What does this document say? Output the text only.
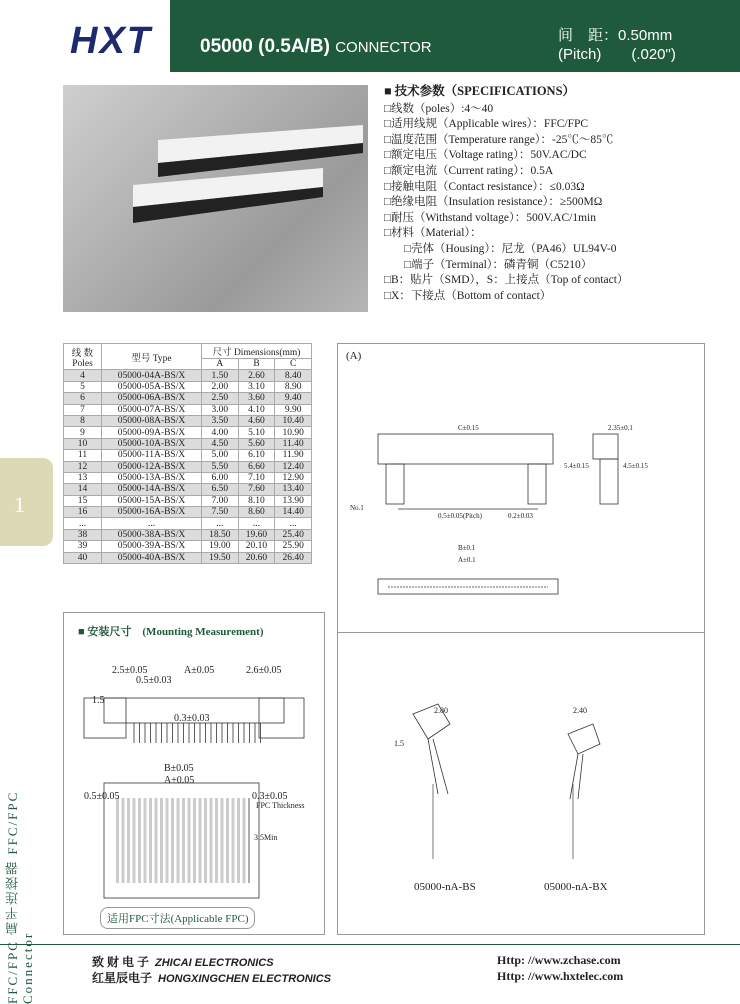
HXT	05000 (0.5A/B) CONNECTOR
间　距：0.50mm
(Pitch)　　(.020")
■ 技术参数（SPECIFICATIONS）
□线数（poles）:4～40
□适用线规（Applicable wires）：FFC/FPC
□温度范围（Temperature range）：-25℃～85℃
□额定电压（Voltage rating）：50V.AC/DC
□额定电流（Current rating）：0.5A
□接触电阻（Contact resistance）：≤0.03Ω
□绝缘电阻（Insulation resistance）：≥500MΩ
□耐压（Withstand voltage）：500V.AC/1min
□材料（Material）：
□壳体（Housing）：尼龙（PA46）UL94V-0
□端子（Terminal）：磷青铜（C5210）
□B：贴片（SMD），S：上接点（Top of contact）
□X：下接点（Bottom of contact）
线 数 Poles	型号 Type	尺寸 Dimensions(mm)		
		A	B	C
4	05000-04A-BS/X	1.50	2.60	8.40
5	05000-05A-BS/X	2.00	3.10	8.90
6	05000-06A-BS/X	2.50	3.60	9.40
7	05000-07A-BS/X	3.00	4.10	9.90
8	05000-08A-BS/X	3.50	4.60	10.40
9	05000-09A-BS/X	4.00	5.10	10.90
10	05000-10A-BS/X	4.50	5.60	11.40
11	05000-11A-BS/X	5.00	6.10	11.90
12	05000-12A-BS/X	5.50	6.60	12.40
13	05000-13A-BS/X	6.00	7.10	12.90
14	05000-14A-BS/X	6.50	7.60	13.40
15	05000-15A-BS/X	7.00	8.10	13.90
16	05000-16A-BS/X	7.50	8.60	14.40
...	...	...	...	...
38	05000-38A-BS/X	18.50	19.60	25.40
39	05000-39A-BS/X	19.00	20.10	25.90
40	05000-40A-BS/X	19.50	20.60	26.40
1
FFC/FPC 扁平连接器 FFC/FPC Connector
■ 安装尺寸　(Mounting Measurement)
2.5±0.05	A±0.05	2.6±0.05
0.5±0.03
0.3±0.03
1.5
B±0.05
A±0.05
0.3±0.05
0.5±0.05
FPC Thickness
3.5Min
适用FPC寸法(Applicable FPC)
(A)
C±0.15	2.35±0.1
5.4±0.15	4.5±0.15
No.1
0.5±0.05(Pitch)	0.2±0.03
B±0.1
A±0.1
2.80	2.40
1.5
05000-nA-BS	05000-nA-BX
致 财 电 子 ZHICAI ELECTRONICS
红星辰电子 HONGXINGCHEN ELECTRONICS
Http: //www.zchase.com
Http: //www.hxtelec.com
